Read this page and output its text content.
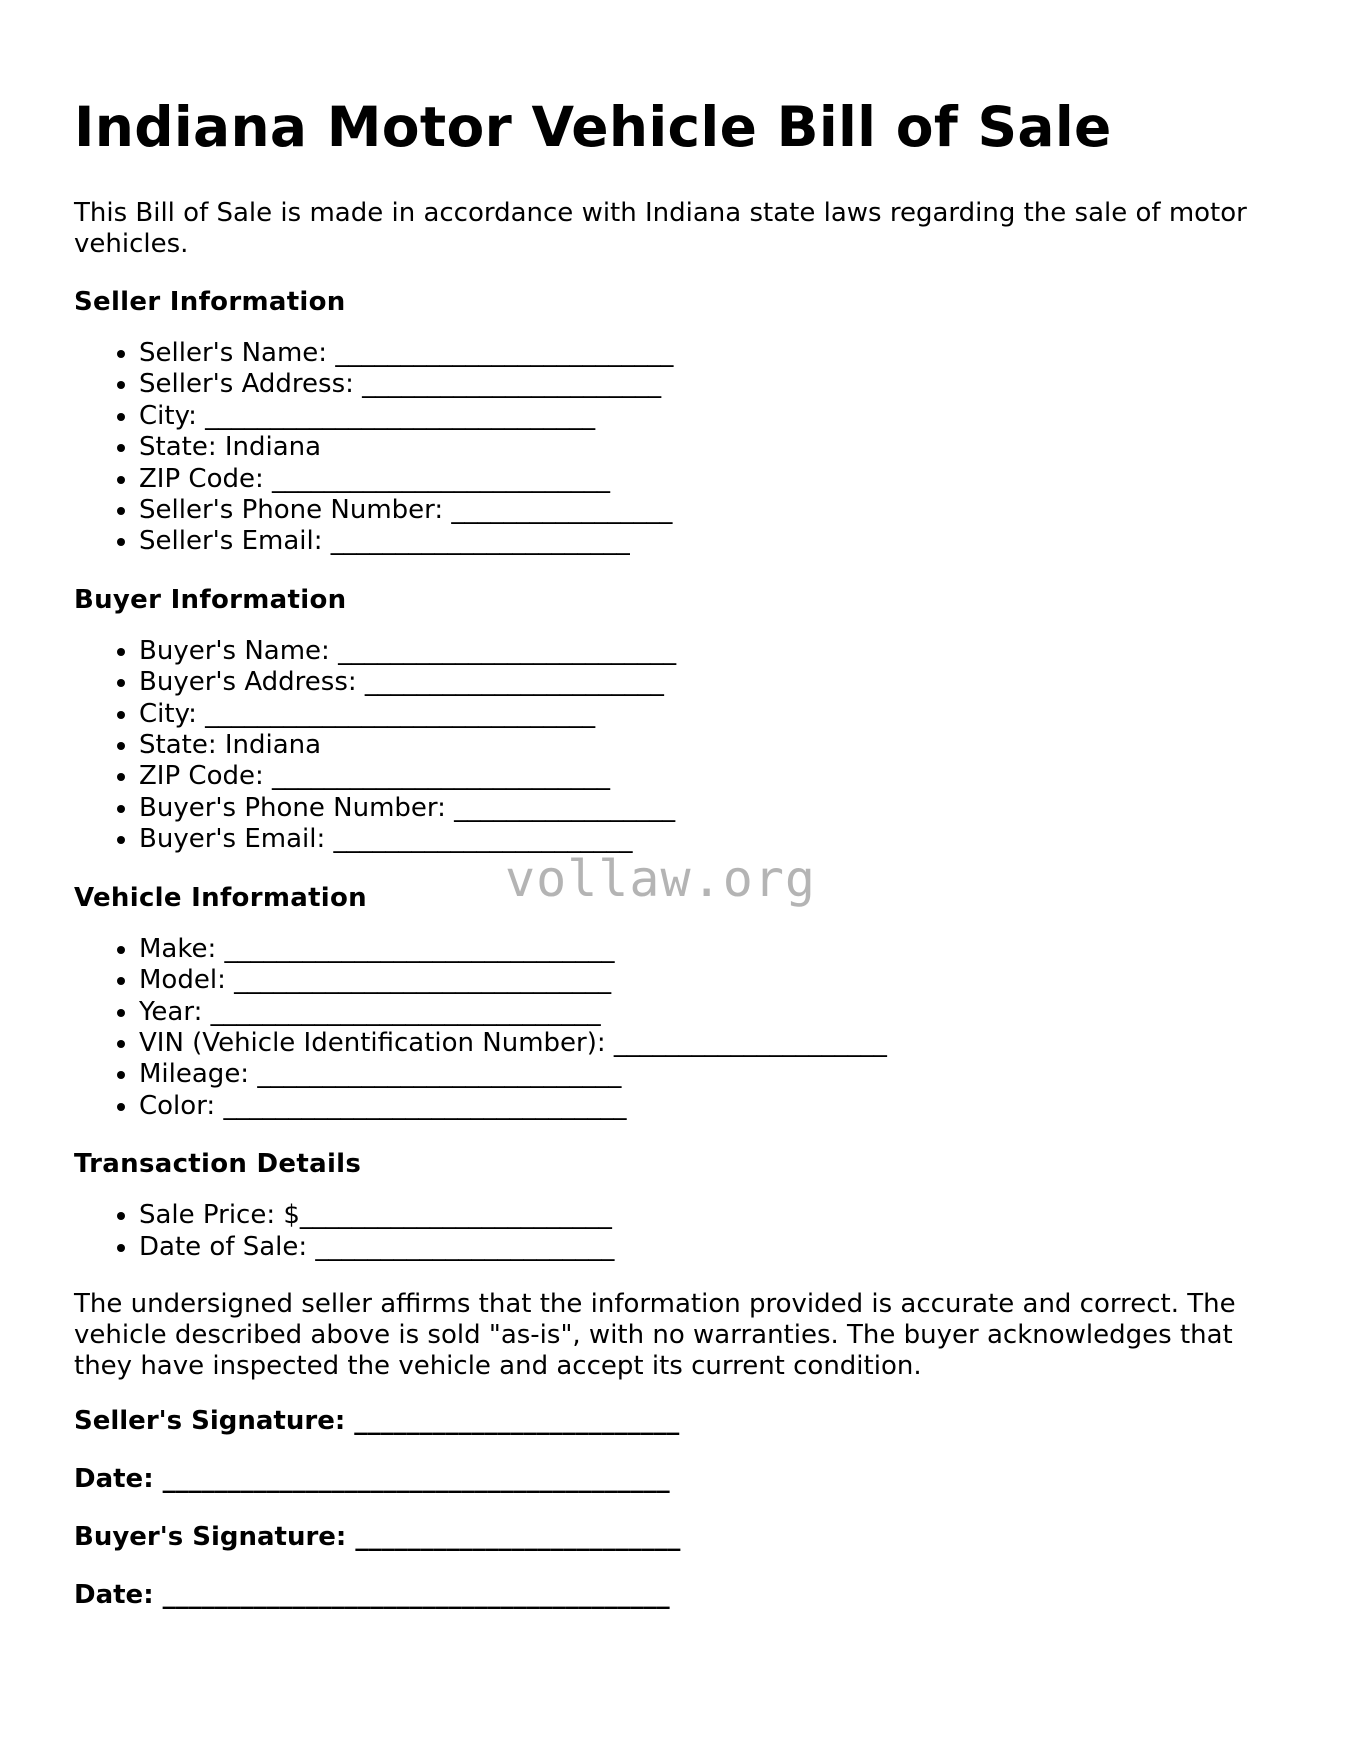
Indiana Motor Vehicle Bill of Sale

This Bill of Sale is made in accordance with Indiana state laws regarding the sale of motor vehicles.

Seller Information
• Seller's Name: __________________________
• Seller's Address: _______________________
• City: ______________________________
• State: Indiana
• ZIP Code: __________________________
• Seller's Phone Number: _________________
• Seller's Email: _______________________
Buyer Information
• Buyer's Name: __________________________
• Buyer's Address: _______________________
• City: ______________________________
• State: Indiana
• ZIP Code: __________________________
• Buyer's Phone Number: _________________
• Buyer's Email: _______________________
Vehicle Information
• Make: ______________________________
• Model: _____________________________
• Year: ______________________________
• VIN (Vehicle Identification Number): _____________________
• Mileage: ____________________________
• Color: _______________________________
Transaction Details
• Sale Price: $________________________
• Date of Sale: _______________________

The undersigned seller affirms that the information provided is accurate and correct. The vehicle described above is sold "as-is", with no warranties. The buyer acknowledges that they have inspected the vehicle and accept its current condition.

Seller's Signature: _________________________
Date: _______________________________________
Buyer's Signature: _________________________
Date: _______________________________________
vollaw.org
